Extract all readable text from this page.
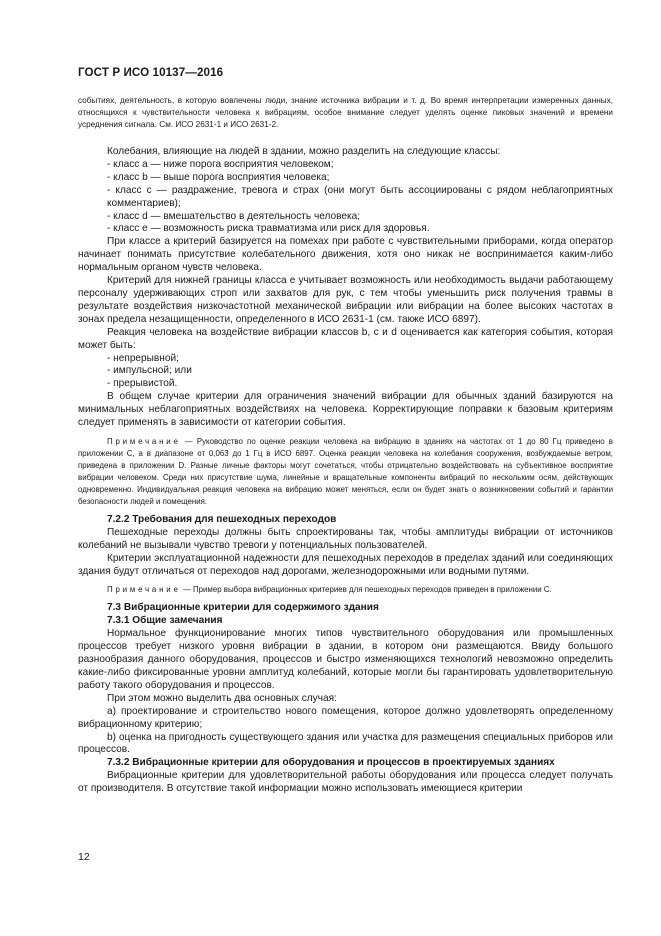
ГОСТ Р ИСО 10137—2016

событиях, деятельность, в которую вовлечены люди, знание источника вибрации и т. д. Во время интерпретации измеренных данных, относящихся к чувствительности человека к вибрациям, особое внимание следует уделять оценке пиковых значений и времени усреднения сигнала. См. ИСО 2631-1 и ИСО 2631-2.

Колебания, влияющие на людей в здании, можно разделить на следующие классы:

- класс а — ниже порога восприятия человеком;

- класс b — выше порога восприятия человека;

- класс с — раздражение, тревога и страх (они могут быть ассоциированы с рядом неблагоприятных комментариев);

- класс d — вмешательство в деятельность человека;

- класс е — возможность риска травматизма или риск для здоровья.

При классе а критерий базируется на помехах при работе с чувствительными приборами, когда оператор начинает понимать присутствие колебательного движения, хотя оно никак не воспринимается каким-либо нормальным органом чувств человека.

Критерий для нижней границы класса е учитывает возможность или необходимость выдачи работающему персоналу удерживающих строп или захватов для рук, с тем чтобы уменьшить риск получения травмы в результате воздействия низкочастотной механической вибрации или вибрации на более высоких частотах в зонах предела незащищенности, определенного в ИСО 2631-1 (см. также ИСО 6897).

Реакция человека на воздействие вибрации классов b, с и d оценивается как категория события, которая может быть:

- непрерывной;

- импульсной; или

- прерывистой.

В общем случае критерии для ограничения значений вибрации для обычных зданий базируются на минимальных неблагоприятных воздействиях на человека. Корректирующие поправки к базовым критериям следует применять в зависимости от категории события.

Примечание — Руководство по оценке реакции человека на вибрацию в зданиях на частотах от 1 до 80 Гц приведено в приложении С, а в диапазоне от 0,063 до 1 Гц в ИСО 6897. Оценка реакции человека на колебания сооружения, возбуждаемые ветром, приведена в приложении D. Разные личные факторы могут сочетаться, чтобы отрицательно воздействовать на субъективное восприятие вибрации человеком. Среди них присутствие шума, линейные и вращательные компоненты вибраций по нескольким осям, действующих одновременно. Индивидуальная реакция человека на вибрацию может меняться, если он будет знать о возникновении событий и гарантии безопасности людей и помещения.

7.2.2 Требования для пешеходных переходов

Пешеходные переходы должны быть спроектированы так, чтобы амплитуды вибрации от источников колебаний не вызывали чувство тревоги у потенциальных пользователей.

Критерии эксплуатационной надежности для пешеходных переходов в пределах зданий или соединяющих здания будут отличаться от переходов над дорогами, железнодорожными или водными путями.

Примечание — Пример выбора вибрационных критериев для пешеходных переходов приведен в приложении С.

7.3 Вибрационные критерии для содержимого здания

7.3.1 Общие замечания

Нормальное функционирование многих типов чувствительного оборудования или промышленных процессов требует низкого уровня вибрации в здании, в котором они размещаются. Ввиду большого разнообразия данного оборудования, процессов и быстро изменяющихся технологий невозможно определить какие-либо фиксированные уровни амплитуд колебаний, которые могли бы гарантировать удовлетворительную работу такого оборудования и процессов.

При этом можно выделить два основных случая:

а) проектирование и строительство нового помещения, которое должно удовлетворять определенному вибрационному критерию;

b) оценка на пригодность существующего здания или участка для размещения специальных приборов или процессов.

7.3.2 Вибрационные критерии для оборудования и процессов в проектируемых зданиях

Вибрационные критерии для удовлетворительной работы оборудования или процесса следует получать от производителя. В отсутствие такой информации можно использовать имеющиеся критерии

12
